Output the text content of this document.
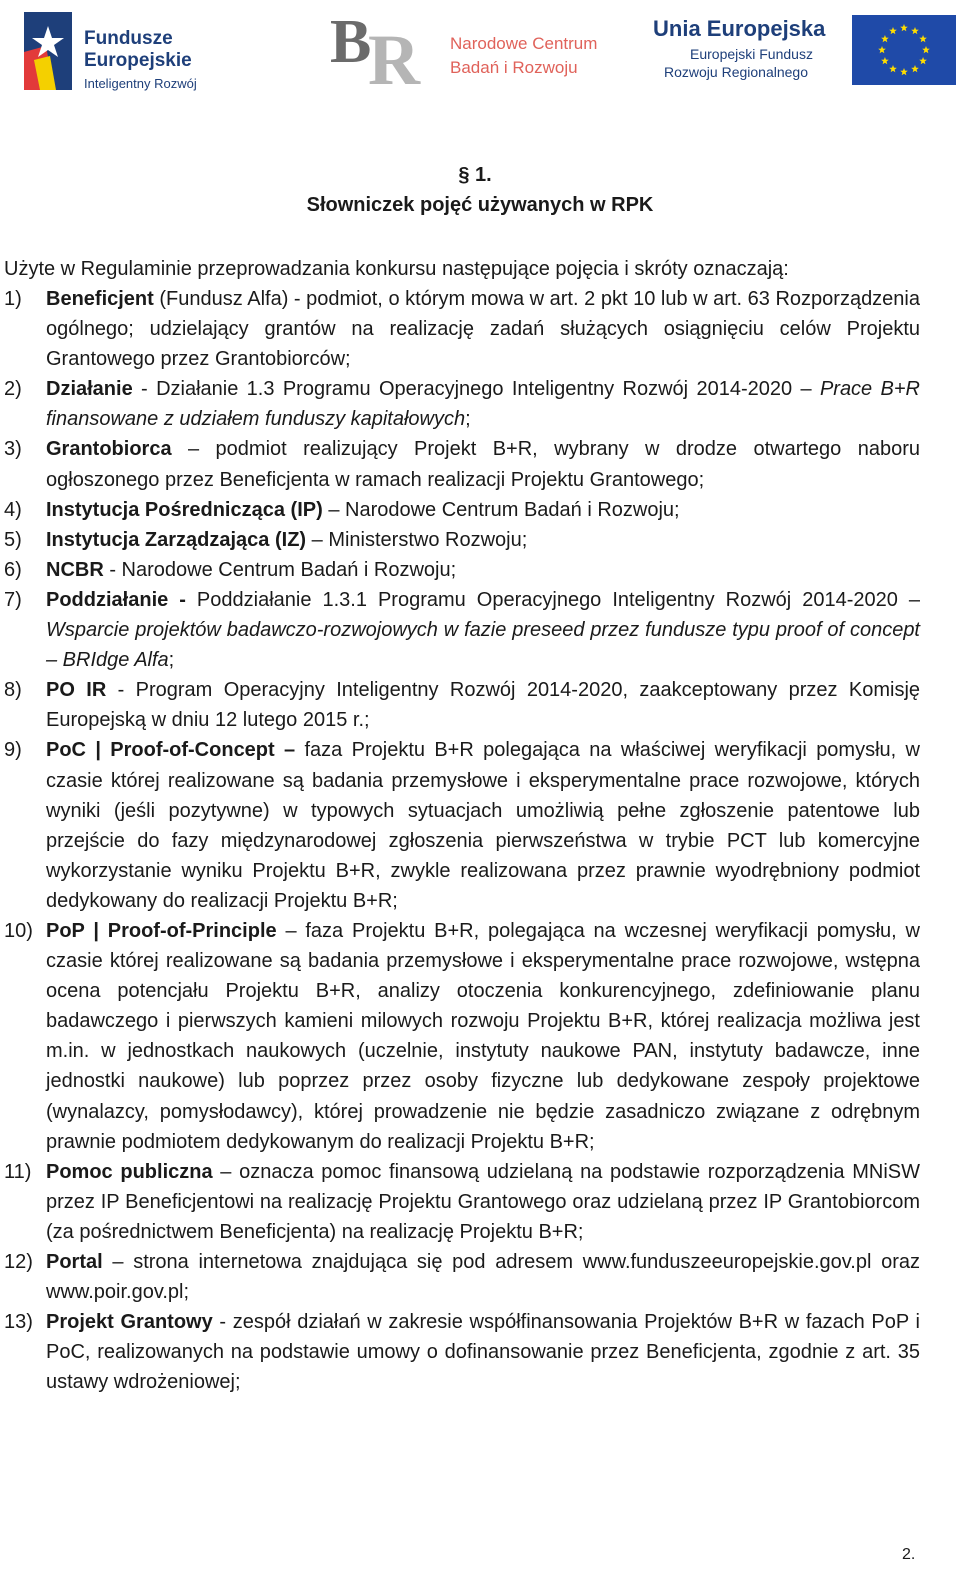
Fundusze
Europejskie
Inteligentny Rozwój
B
R Narodowe Centrum
Badań i Rozwoju
Unia Europejska
Europejski Fundusz
Rozwoju Regionalnego
§ 1.
Słowniczek pojęć używanych w RPK
Użyte w Regulaminie przeprowadzania konkursu następujące pojęcia i skróty oznaczają:
1) Beneficjent (Fundusz Alfa) - podmiot, o którym mowa w art. 2 pkt 10 lub w art. 63 Rozporządzenia ogólnego; udzielający grantów na realizację zadań służących osiągnięciu celów Projektu Grantowego przez Grantobiorców;
2) Działanie - Działanie 1.3 Programu Operacyjnego Inteligentny Rozwój 2014-2020 – Prace B+R finansowane z udziałem funduszy kapitałowych;
3) Grantobiorca – podmiot realizujący Projekt B+R, wybrany w drodze otwartego naboru ogłoszonego przez Beneficjenta w ramach realizacji Projektu Grantowego;
4) Instytucja Pośrednicząca (IP) – Narodowe Centrum Badań i Rozwoju;
5) Instytucja Zarządzająca (IZ) – Ministerstwo Rozwoju;
6) NCBR - Narodowe Centrum Badań i Rozwoju;
7) Poddziałanie - Poddziałanie 1.3.1 Programu Operacyjnego Inteligentny Rozwój 2014-2020 – Wsparcie projektów badawczo-rozwojowych w fazie preseed przez fundusze typu proof of concept – BRIdge Alfa;
8) PO IR - Program Operacyjny Inteligentny Rozwój 2014-2020, zaakceptowany przez Komisję Europejską w dniu 12 lutego 2015 r.;
9) PoC | Proof-of-Concept – faza Projektu B+R polegająca na właściwej weryfikacji pomysłu, w czasie której realizowane są badania przemysłowe i eksperymentalne prace rozwojowe, których wyniki (jeśli pozytywne) w typowych sytuacjach umożliwią pełne zgłoszenie patentowe lub przejście do fazy międzynarodowej zgłoszenia pierwszeństwa w trybie PCT lub komercyjne wykorzystanie wyniku Projektu B+R, zwykle realizowana przez prawnie wyodrębniony podmiot dedykowany do realizacji Projektu B+R;
10) PoP | Proof-of-Principle – faza Projektu B+R, polegająca na wczesnej weryfikacji pomysłu, w czasie której realizowane są badania przemysłowe i eksperymentalne prace rozwojowe, wstępna ocena potencjału Projektu B+R, analizy otoczenia konkurencyjnego, zdefiniowanie planu badawczego i pierwszych kamieni milowych rozwoju Projektu B+R, której realizacja możliwa jest m.in. w jednostkach naukowych (uczelnie, instytuty naukowe PAN, instytuty badawcze, inne jednostki naukowe) lub poprzez przez osoby fizyczne lub dedykowane zespoły projektowe (wynalazcy, pomysłodawcy), której prowadzenie nie będzie zasadniczo związane z odrębnym prawnie podmiotem dedykowanym do realizacji Projektu B+R;
11) Pomoc publiczna – oznacza pomoc finansową udzielaną na podstawie rozporządzenia MNiSW przez IP Beneficjentowi na realizację Projektu Grantowego oraz udzielaną przez IP Grantobiorcom (za pośrednictwem Beneficjenta) na realizację Projektu B+R;
12) Portal – strona internetowa znajdująca się pod adresem www.funduszeeuropejskie.gov.pl oraz www.poir.gov.pl;
13) Projekt Grantowy - zespół działań w zakresie współfinansowania Projektów B+R w fazach PoP i PoC, realizowanych na podstawie umowy o dofinansowanie przez Beneficjenta, zgodnie z art. 35 ustawy wdrożeniowej;
2.
